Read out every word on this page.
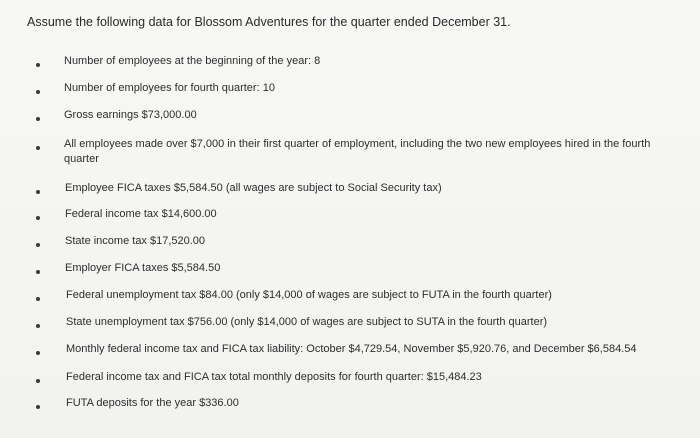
Assume the following data for Blossom Adventures for the quarter ended December 31.
Number of employees at the beginning of the year: 8
Number of employees for fourth quarter: 10
Gross earnings $73,000.00
All employees made over $7,000 in their first quarter of employment, including the two new employees hired in the fourth quarter
Employee FICA taxes $5,584.50 (all wages are subject to Social Security tax)
Federal income tax $14,600.00
State income tax $17,520.00
Employer FICA taxes $5,584.50
Federal unemployment tax $84.00 (only $14,000 of wages are subject to FUTA in the fourth quarter)
State unemployment tax $756.00 (only $14,000 of wages are subject to SUTA in the fourth quarter)
Monthly federal income tax and FICA tax liability: October $4,729.54, November $5,920.76, and December $6,584.54
Federal income tax and FICA tax total monthly deposits for fourth quarter: $15,484.23
FUTA deposits for the year $336.00
